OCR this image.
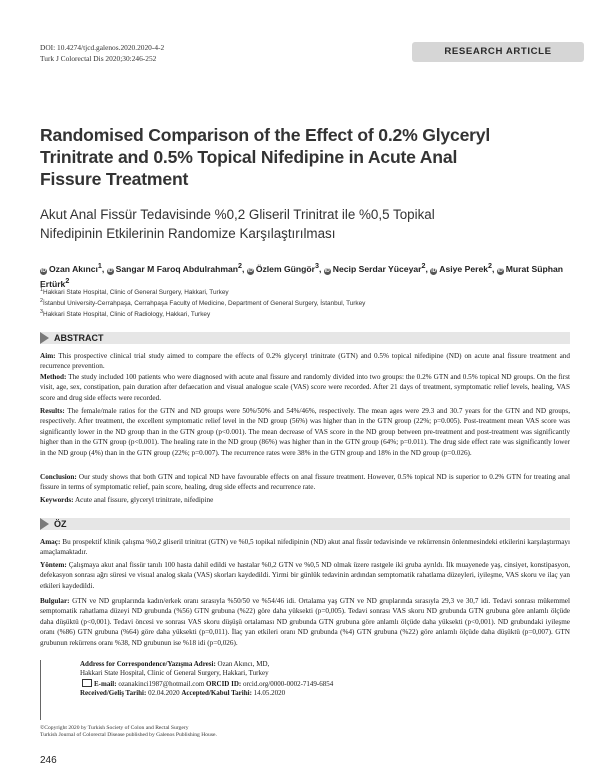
DOI: 10.4274/tjcd.galenos.2020.2020-4-2
Turk J Colorectal Dis 2020;30:246-252
RESEARCH ARTICLE
Randomised Comparison of the Effect of 0.2% Glyceryl
Trinitrate and 0.5% Topical Nifedipine in Acute Anal
Fissure Treatment
Akut Anal Fissür Tedavisinde %0,2 Gliseril Trinitrat ile %0,5 Topikal
Nifedipinin Etkilerinin Randomize Karşılaştırılması
iD Ozan Akıncı$^1$, iD Sangar M Faroq Abdulrahman$^2$, iD Özlem Güngör$^3$, iD Necip Serdar Yüceyar$^2$, iD Asiye Perek$^2$, iD Murat Süphan Ertürk$^2$
$^1$Hakkari State Hospital, Clinic of General Surgery, Hakkari, Turkey
$^2$İstanbul University-Cerrahpaşa, Cerrahpaşa Faculty of Medicine, Department of General Surgery, İstanbul, Turkey
$^3$Hakkari State Hospital, Clinic of Radiology, Hakkari, Turkey
ABSTRACT
Aim: This prospective clinical trial study aimed to compare the effects of 0.2% glyceryl trinitrate (GTN) and 0.5% topical nifedipine (ND) on acute anal fissure treatment and recurrence prevention.
Method: The study included 100 patients who were diagnosed with acute anal fissure and randomly divided into two groups: the 0.2% GTN and 0.5% topical ND groups. On the first visit, age, sex, constipation, pain duration after defaecation and visual analogue scale (VAS) score were recorded. After 21 days of treatment, symptomatic relief levels, healing, VAS score and drug side effects were recorded.
Results: The female/male ratios for the GTN and ND groups were 50%/50% and 54%/46%, respectively. The mean ages were 29.3 and 30.7 years for the GTN and ND groups, respectively. After treatment, the excellent symptomatic relief level in the ND group (56%) was higher than in the GTN group (22%; p=0.005). Post-treatment mean VAS score was significantly lower in the ND group than in the GTN group (p<0.001). The mean decrease of VAS score in the ND group between pre-treatment and post-treatment was significantly higher than in the GTN group (p<0.001). The healing rate in the ND group (86%) was higher than in the GTN group (64%; p=0.011). The drug side effect rate was significantly lower in the ND group (4%) than in the GTN group (22%; p=0.007). The recurrence rates were 38% in the GTN group and 18% in the ND group (p=0.026).
Conclusion: Our study shows that both GTN and topical ND have favourable effects on anal fissure treatment. However, 0.5% topical ND is superior to 0.2% GTN for treating anal fissure in terms of symptomatic relief, pain score, healing, drug side effects and recurrence rate.
Keywords: Acute anal fissure, glyceryl trinitrate, nifedipine
ÖZ
Amaç: Bu prospektif klinik çalışma %0,2 gliseril trinitrat (GTN) ve %0,5 topikal nifedipinin (ND) akut anal fissür tedavisinde ve rekürrensin önlenmesindeki etkilerini karşılaştırmayı amaçlamaktadır.
Yöntem: Çalışmaya akut anal fissür tanılı 100 hasta dahil edildi ve hastalar %0,2 GTN ve %0,5 ND olmak üzere rastgele iki gruba ayrıldı. İlk muayenede yaş, cinsiyet, konstipasyon, defekasyon sonrası ağrı süresi ve visual analog skala (VAS) skorları kaydedildi. Yirmi bir günlük tedavinin ardından semptomatik rahatlama düzeyleri, iyileşme, VAS skoru ve ilaç yan etkileri kaydedildi.
Bulgular: GTN ve ND gruplarında kadın/erkek oranı sırasıyla %50/50 ve %54/46 idi. Ortalama yaş GTN ve ND gruplarında sırasıyla 29,3 ve 30,7 idi. Tedavi sonrası mükemmel semptomatik rahatlama düzeyi ND grubunda (%56) GTN grubuna (%22) göre daha yüksekti (p=0,005). Tedavi sonrası VAS skoru ND grubunda GTN grubuna göre anlamlı ölçüde daha düşüktü (p<0,001). Tedavi öncesi ve sonrası VAS skoru düşüşü ortalaması ND grubunda GTN grubuna göre anlamlı ölçüde daha yüksekti (p<0,001). ND grubundaki iyileşme oranı (%86) GTN grubuna (%64) göre daha yüksekti (p=0,011). İlaç yan etkileri oranı ND grubunda (%4) GTN grubuna (%22) göre anlamlı ölçüde daha düşüktü (p=0,007). GTN grubunun rekürrens oranı %38, ND grubunun ise %18 idi (p=0,026).
Address for Correspondence/Yazışma Adresi: Ozan Akıncı, MD,
Hakkari State Hospital, Clinic of General Surgery, Hakkari, Turkey
E-mail: ozanakinci1987@hotmail.com ORCID ID: orcid.org/0000-0002-7149-6854
Received/Geliş Tarihi: 02.04.2020 Accepted/Kabul Tarihi: 14.05.2020
©Copyright 2020 by Turkish Society of Colon and Rectal Surgery
Turkish Journal of Colorectal Disease published by Galenos Publishing House.
246
